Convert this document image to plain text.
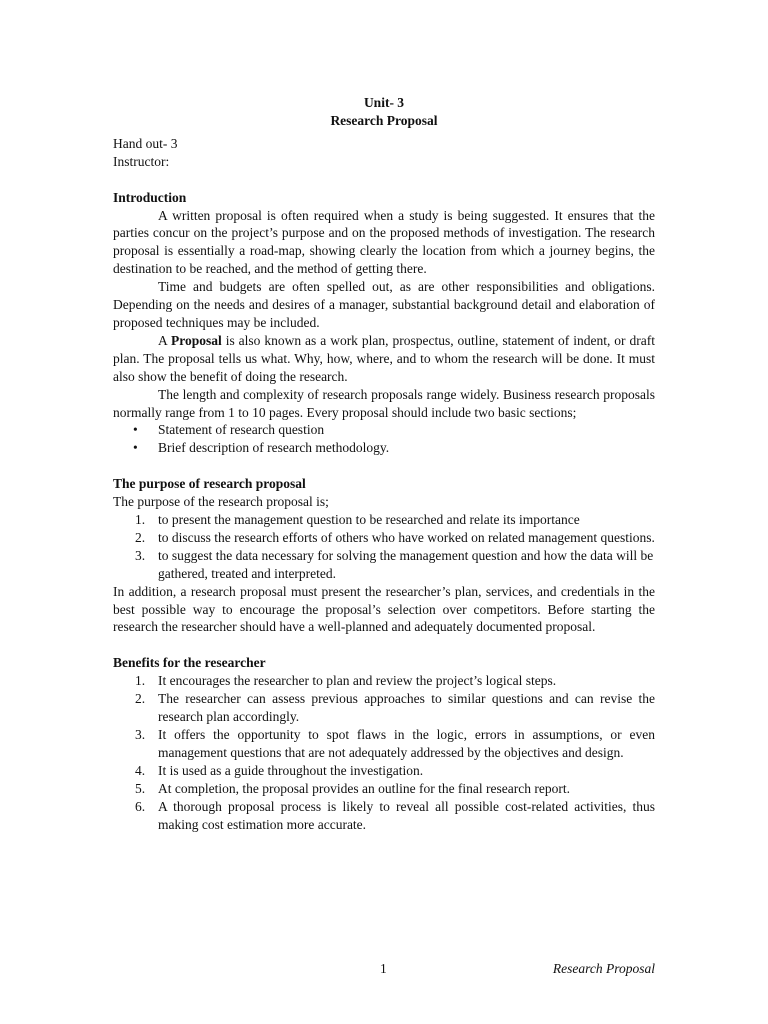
Unit- 3

Research Proposal

Hand out- 3

Instructor:

Introduction

A written proposal is often required when a study is being suggested. It ensures that the parties concur on the project’s purpose and on the proposed methods of investigation. The research proposal is essentially a road-map, showing clearly the location from which a journey begins, the destination to be reached, and the method of getting there.

Time and budgets are often spelled out, as are other responsibilities and obligations. Depending on the needs and desires of a manager, substantial background detail and elaboration of proposed techniques may be included.

A Proposal is also known as a work plan, prospectus, outline, statement of indent, or draft plan. The proposal tells us what. Why, how, where, and to whom the research will be done. It must also show the benefit of doing the research.

The length and complexity of research proposals range widely. Business research proposals normally range from 1 to 10 pages. Every proposal should include two basic sections;

• Statement of research question
• Brief description of research methodology.
The purpose of research proposal

The purpose of the research proposal is;

1. to present the management question to be researched and relate its importance
2. to discuss the research efforts of others who have worked on related management questions.
3. to suggest the data necessary for solving the management question and how the data will be gathered, treated and interpreted.

In addition, a research proposal must present the researcher’s plan, services, and credentials in the best possible way to encourage the proposal’s selection over competitors. Before starting the research the researcher should have a well-planned and adequately documented proposal.

Benefits for the researcher
1. It encourages the researcher to plan and review the project’s logical steps.
2. The researcher can assess previous approaches to similar questions and can revise the research plan accordingly.
3. It offers the opportunity to spot flaws in the logic, errors in assumptions, or even management questions that are not adequately addressed by the objectives and design.
4. It is used as a guide throughout the investigation.
5. At completion, the proposal provides an outline for the final research report.
6. A thorough proposal process is likely to reveal all possible cost-related activities, thus making cost estimation more accurate.
1	Research Proposal
